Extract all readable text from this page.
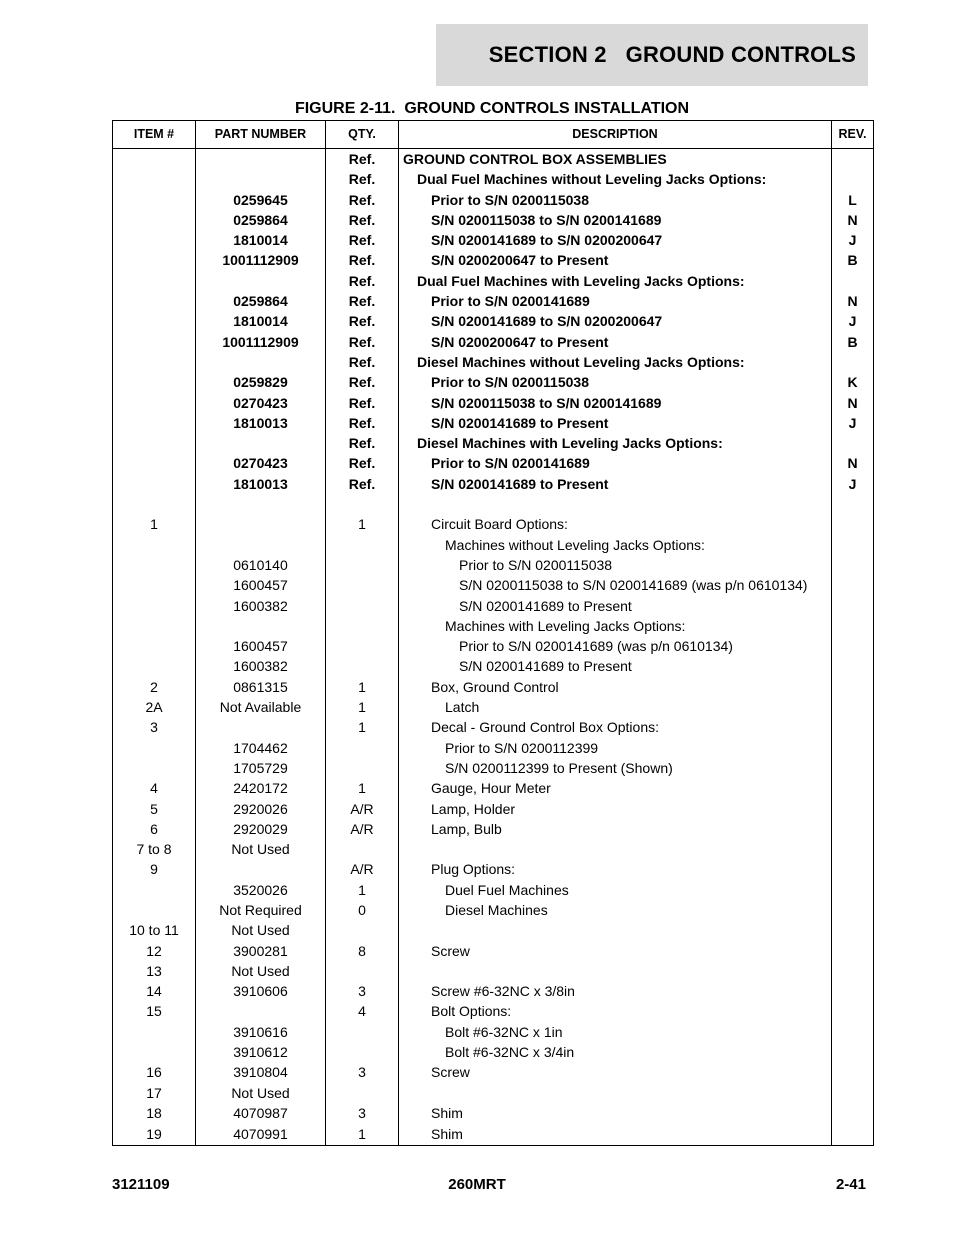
SECTION 2   GROUND CONTROLS
FIGURE 2-11.  GROUND CONTROLS INSTALLATION
ITEM #	PART NUMBER	QTY.	DESCRIPTION	REV.
		Ref.	GROUND CONTROL BOX ASSEMBLIES	
		Ref.	Dual Fuel Machines without Leveling Jacks Options:	
	0259645	Ref.	Prior to S/N 0200115038	L
	0259864	Ref.	S/N 0200115038 to S/N 0200141689	N
	1810014	Ref.	S/N 0200141689 to S/N 0200200647	J
	1001112909	Ref.	S/N 0200200647 to Present	B
		Ref.	Dual Fuel Machines with Leveling Jacks Options:	
	0259864	Ref.	Prior to S/N 0200141689	N
	1810014	Ref.	S/N 0200141689 to S/N 0200200647	J
	1001112909	Ref.	S/N 0200200647 to Present	B
		Ref.	Diesel Machines without Leveling Jacks Options:	
	0259829	Ref.	Prior to S/N 0200115038	K
	0270423	Ref.	S/N 0200115038 to S/N 0200141689	N
	1810013	Ref.	S/N 0200141689 to Present	J
		Ref.	Diesel Machines with Leveling Jacks Options:	
	0270423	Ref.	Prior to S/N 0200141689	N
	1810013	Ref.	S/N 0200141689 to Present	J

1		1	Circuit Board Options:	
			Machines without Leveling Jacks Options:	
	0610140		Prior to S/N 0200115038	
	1600457		S/N 0200115038 to S/N 0200141689 (was p/n 0610134)	
	1600382		S/N 0200141689 to Present	
			Machines with Leveling Jacks Options:	
	1600457		Prior to S/N 0200141689 (was p/n 0610134)	
	1600382		S/N 0200141689 to Present	
2	0861315	1	Box, Ground Control	
2A	Not Available	1	Latch	
3		1	Decal - Ground Control Box Options:	
	1704462		Prior to S/N 0200112399	
	1705729		S/N 0200112399 to Present (Shown)	
4	2420172	1	Gauge, Hour Meter	
5	2920026	A/R	Lamp, Holder	
6	2920029	A/R	Lamp, Bulb	
7 to 8	Not Used			
9		A/R	Plug Options:	
	3520026	1	Duel Fuel Machines	
	Not Required	0	Diesel Machines	
10 to 11	Not Used			
12	3900281	8	Screw	
13	Not Used			
14	3910606	3	Screw #6-32NC x 3/8in	
15		4	Bolt Options:	
	3910616		Bolt #6-32NC x 1in	
	3910612		Bolt #6-32NC x 3/4in	
16	3910804	3	Screw	
17	Not Used			
18	4070987	3	Shim	
19	4070991	1	Shim	
3121109	260MRT	2-41
